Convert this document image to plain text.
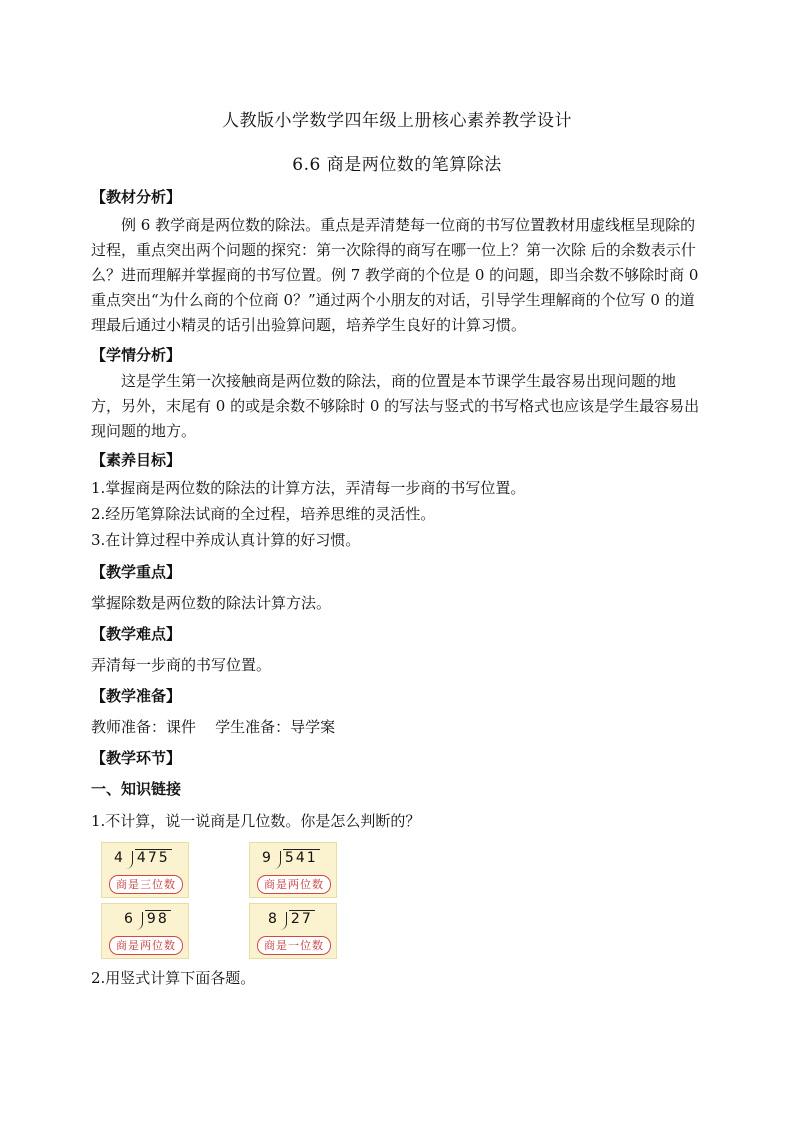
人教版小学数学四年级上册核心素养教学设计
6.6 商是两位数的笔算除法
【教材分析】

例 6 教学商是两位数的除法。重点是弄清楚每一位商的书写位置教材用虚线框呈现除的过程，重点突出两个问题的探究：第一次除得的商写在哪一位上？第一次除 后的余数表示什么？进而理解并掌握商的书写位置。例 7 教学商的个位是 0 的问题，即当余数不够除时商 0 重点突出“为什么商的个位商 0？”通过两个小朋友的对话，引导学生理解商的个位写 0 的道理最后通过小精灵的话引出验算问题，培养学生良好的计算习惯。

【学情分析】

这是学生第一次接触商是两位数的除法，商的位置是本节课学生最容易出现问题的地 方，另外，末尾有 0 的或是余数不够除时 0 的写法与竖式的书写格式也应该是学生最容易出现问题的地方。

【素养目标】
1.掌握商是两位数的除法的计算方法，弄清每一步商的书写位置。
2.经历笔算除法试商的全过程，培养思维的灵活性。
3.在计算过程中养成认真计算的好习惯。
【教学重点】
掌握除数是两位数的除法计算方法。
【教学难点】
弄清每一步商的书写位置。
【教学准备】
教师准备：课件    学生准备：导学案
【教学环节】
一、知识链接
1.不计算，说一说商是几位数。你是怎么判断的？
4 475
商是三位数
9 541
商是两位数
6 98
商是两位数
8 27
商是一位数
2.用竖式计算下面各题。
